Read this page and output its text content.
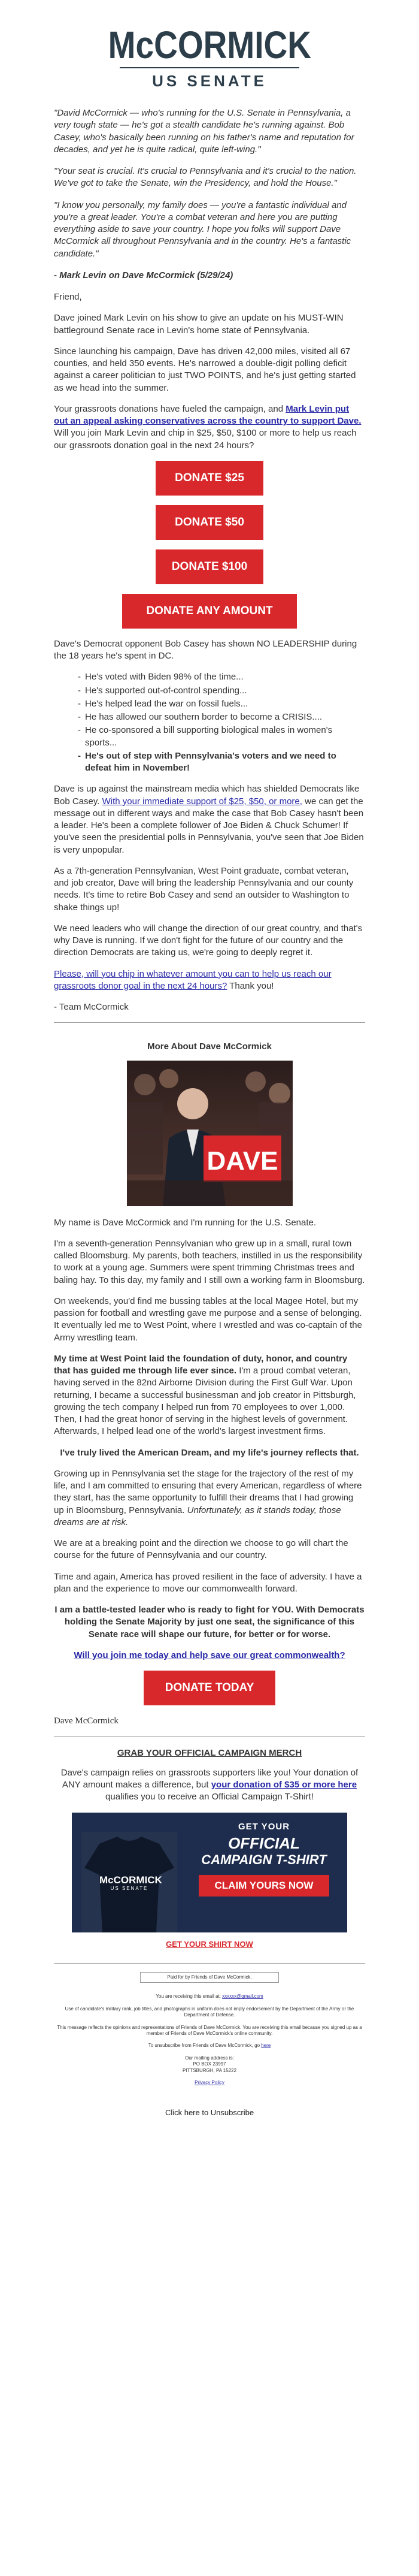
McCORMICK
US SENATE

"David McCormick — who's running for the U.S. Senate in Pennsylvania, a very tough state — he's got a stealth candidate he's running against. Bob Casey, who's basically been running on his father's name and reputation for decades, and yet he is quite radical, quite left-wing."

"Your seat is crucial. It's crucial to Pennsylvania and it's crucial to the nation. We've got to take the Senate, win the Presidency, and hold the House."

"I know you personally, my family does — you're a fantastic individual and you're a great leader. You're a combat veteran and here you are putting everything aside to save your country. I hope you folks will support Dave McCormick all throughout Pennsylvania and in the country. He's a fantastic candidate."

- Mark Levin on Dave McCormick (5/29/24)

Friend,

Dave joined Mark Levin on his show to give an update on his MUST-WIN battleground Senate race in Levin's home state of Pennsylvania.

Since launching his campaign, Dave has driven 42,000 miles, visited all 67 counties, and held 350 events. He's narrowed a double-digit polling deficit against a career politician to just TWO POINTS, and he's just getting started as we head into the summer.

Your grassroots donations have fueled the campaign, and Mark Levin put out an appeal asking conservatives across the country to support Dave. Will you join Mark Levin and chip in $25, $50, $100 or more to help us reach our grassroots donation goal in the next 24 hours?

DONATE $25
DONATE $50
DONATE $100
DONATE ANY AMOUNT

Dave's Democrat opponent Bob Casey has shown NO LEADERSHIP during the 18 years he's spent in DC.

- He's voted with Biden 98% of the time...
- He's supported out-of-control spending...
- He's helped lead the war on fossil fuels...
- He has allowed our southern border to become a CRISIS....
- He co-sponsored a bill supporting biological males in women's sports...
- He's out of step with Pennsylvania's voters and we need to defeat him in November!

Dave is up against the mainstream media which has shielded Democrats like Bob Casey. With your immediate support of $25, $50, or more, we can get the message out in different ways and make the case that Bob Casey hasn't been a leader. He's been a complete follower of Joe Biden & Chuck Schumer! If you've seen the presidential polls in Pennsylvania, you've seen that Joe Biden is very unpopular.

As a 7th-generation Pennsylvanian, West Point graduate, combat veteran, and job creator, Dave will bring the leadership Pennsylvania and our county needs. It's time to retire Bob Casey and send an outsider to Washington to shake things up!

We need leaders who will change the direction of our great country, and that's why Dave is running. If we don't fight for the future of our country and the direction Democrats are taking us, we're going to deeply regret it.

Please, will you chip in whatever amount you can to help us reach our grassroots donor goal in the next 24 hours? Thank you!

- Team McCormick

More About Dave McCormick
DAVE

My name is Dave McCormick and I'm running for the U.S. Senate.

I'm a seventh-generation Pennsylvanian who grew up in a small, rural town called Bloomsburg. My parents, both teachers, instilled in us the responsibility to work at a young age. Summers were spent trimming Christmas trees and baling hay. To this day, my family and I still own a working farm in Bloomsburg.

On weekends, you'd find me bussing tables at the local Magee Hotel, but my passion for football and wrestling gave me purpose and a sense of belonging. It eventually led me to West Point, where I wrestled and was co-captain of the Army wrestling team.

My time at West Point laid the foundation of duty, honor, and country that has guided me through life ever since. I'm a proud combat veteran, having served in the 82nd Airborne Division during the First Gulf War. Upon returning, I became a successful businessman and job creator in Pittsburgh, growing the tech company I helped run from 70 employees to over 1,000. Then, I had the great honor of serving in the highest levels of government. Afterwards, I helped lead one of the world's largest investment firms.

I've truly lived the American Dream, and my life's journey reflects that.

Growing up in Pennsylvania set the stage for the trajectory of the rest of my life, and I am committed to ensuring that every American, regardless of where they start, has the same opportunity to fulfill their dreams that I had growing up in Bloomsburg, Pennsylvania. Unfortunately, as it stands today, those dreams are at risk.

We are at a breaking point and the direction we choose to go will chart the course for the future of Pennsylvania and our country.

Time and again, America has proved resilient in the face of adversity. I have a plan and the experience to move our commonwealth forward.

I am a battle-tested leader who is ready to fight for YOU. With Democrats holding the Senate Majority by just one seat, the significance of this Senate race will shape our future, for better or for worse.

Will you join me today and help save our great commonwealth?

DONATE TODAY

Dave McCormick

GRAB YOUR OFFICIAL CAMPAIGN MERCH

Dave's campaign relies on grassroots supporters like you! Your donation of ANY amount makes a difference, but your donation of $35 or more here qualifies you to receive an Official Campaign T-Shirt!

McCORMICK
US SENATE
GET YOUR
OFFICIAL
CAMPAIGN T-SHIRT
CLAIM YOURS NOW

GET YOUR SHIRT NOW

Paid for by Friends of Dave McCormick.
You are receiving this email at: xxxxxx@gmail.com
Use of candidate's military rank, job titles, and photographs in uniform does not imply endorsement by the Department of the Army or the Department of Defense.
This message reflects the opinions and representations of Friends of Dave McCormick. You are receiving this email because you signed up as a member of Friends of Dave McCormick's online community.
To unsubscribe from Friends of Dave McCormick, go here
Our mailing address is:
PO BOX 23997
PITTSBURGH, PA 15222
Privacy Policy
Click here to Unsubscribe
